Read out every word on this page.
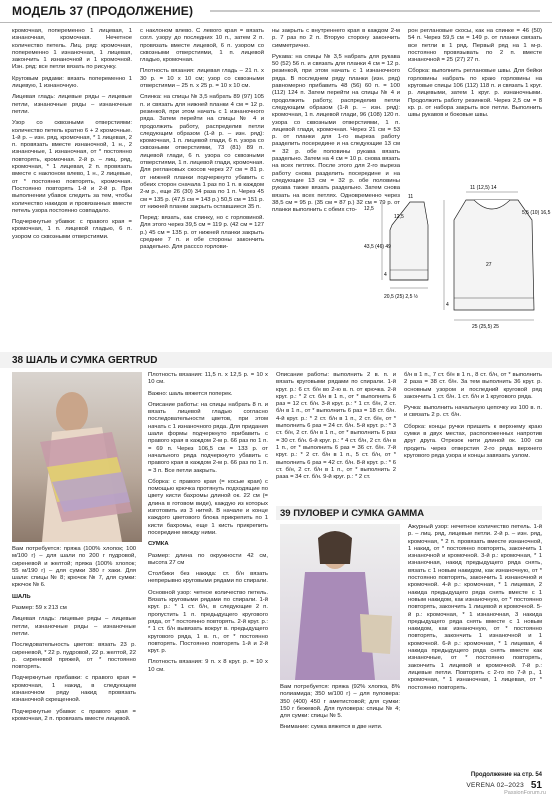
МОДЕЛЬ 37 (ПРОДОЛЖЕНИЕ)

кромочная, попеременно 1 лицевая, 1 изнаночная, кромочная. Нечетное количество петель. Лиц. ряд: кромочная, попеременно 1 изнаночная, 1 лицевая, закончить 1 изнаночной и 1 кромочной. Изн. ряд: все петли вязать по рисунку.

Круговым рядами: вязать попеременно 1 лицевую, 1 изнаночную.

Лицевая гладь: лицевые ряды – лицевые петли, изнаночные ряды – изнаночные петли.

Узор со сквозными отверстиями: количество петель кратно 6 + 2 кромочные. 1-й р. – изн. ряд, кромочная, * 1 лицевая, 2 п. провязать вместе изнаночной, 1 н., 2 изнаночные, 1 изнаночная, от * постоянно повторять, кромочная. 2-й р. – лиц. ряд, кромочная, * 1 лицевая, 2 п. провязать вместе с наклоном влево, 1 н., 2 лицевые, от * постоянно повторять, кромочная. Постоянно повторять 1-й и 2-й р. При выполнении убавок следить за тем, чтобы количество накидов и провязанных вместе петель узора постоянно совпадало.

Подчеркнутые убавки: с правого края = кромочная, 1 п. лицевой гладью, 6 п. узором со сквозными отверстиями.

с наклоном влево. С левого края = вязать согл. узору до последних 10 п., затем 2 п. провязать вместе лицевой, 6 п. узором со сквозными отверстиями, 1 п. лицевой гладью, кромочная.

Плотность вязания: лицевая гладь – 21 п. х 30 р. = 10 х 10 см; узор со сквозными отверстиями – 25 п. х 25 р. = 10 х 10 см.

Спинка: на спицы № 3,5 набрать 89 (97) 105 п. и связать для нижней планки 4 см = 12 р. резинкой, при этом начать с 1 изнаночного ряда. Затем перейти на спицы № 4 и продолжить работу, распределив петли следующим образом (1-й р. – изн. ряд): кромочная, 1 п. лицевой глади, 6 п. узора со сквозными отверстиями, 73 (81) 89 п. лицевой глади, 6 п. узора со сквозными отверстиями, 1 п. лицевой глади, кромочная. Для реглановых скосов через 27 см = 81 р. от нижней планки подчеркнуто убавить с обеих сторон сначала 1 раз по 1 п. в каждом 2-м р., еще 26 (30) 34 раза по 1 п. Через 45 см = 135 р. (47,5 см = 143 р.) 50,5 см = 151 р. от нижней планки закрыть оставшиеся 35 п.

Перед: вязать, как спинку, но с горловиной. Для этого через 39,5 см = 119 р. (42 см = 127 р.) 45 см = 135 р. от нижней планки закрыть средние 7 п. и обе стороны закончить раздельно. Для расссо горлови-

ны закрыть с внутреннего края в каждом 2-м р. 7 раз по 2 п. Вторую сторону закончить симметрично.

Рукава: на спицы № 3,5 набрать для рукава 50 (52) 56 п. и связать для планки 4 см = 12 р. резинкой, при этом начать с 1 изнаночного ряда. В последнем ряду планки (изн. ряд) равномерно прибавить 48 (56) 60 п. = 100 (112) 124 п. Затем перейти на спицы № 4 и продолжить работу, распределив петли следующим образом (1-й р. – изн. ряд): кромочная, 1 п. лицевой глади, 96 (108) 120 п. узора со сквозными отверстиями, 1 п. лицевой глади, кромочная. Через 21 см = 53 р. от планки для 1-го выреза работу разделить посередине и на следующие 13 см = 32 р. обе половины рукава вязать раздельно. Затем на 4 см = 10 р. снова вязать на всех петлях. После этого для 2-го выреза работу снова разделить посередине и на следующие 13 см = 32 р. обе половины рукава также вязать раздельно. Затем снова вязать на всех петлях. Одновременно через 38,5 см = 95 р. (35 см = 87 р.) 32 см = 79 р. от планки выполнить с обеих сто-

рон реглановые скосы, как на спинке = 46 (50) 54 п. Через 59,5 см = 149 р. от планки связать все петли в 1 ряд. Первый ряд на 1 м-р. постоянно провязывать по 2 п. вместе изнаночной = 25 (27) 27 п.

Сборка: выполнить реглановые швы. Для бейки горловины набрать по краю горловины на круговые спицы 106 (112) 118 п. и связать 1 круг. р. лицевыми, затем 1 круг. р. изнаночными. Продолжить работу резинкой. Через 2,5 см = 8 кр. р. от набора закрыть все петли. Выполнить швы рукавов и боковые швы.

11
12,5
12,5
43,5 (46) 49
4
20,5 (25) 2,5 ½
11 (12,5) 14
5,5 (10) 16,5
27
4
25 (25,5) 25
38 ШАЛЬ И СУМКА GERTRUD

Вам потребуется: пряжа (100% хлопок; 100 м/100 г) – для шали по 200 г пудровой, сиреневой и желтой; пряжа (100% хлопок; 55 м/190 г) – для сумки 380 г хаки. Для шали: спицы № 8; крючок № 7, для сумки: крючок № 6.

ШАЛЬ

Размер: 59 х 213 см

Лицевая гладь: лицевые ряды – лицевые петли, изнаночные ряды – изнаночные петли.

Последовательность цветов: вязать 23 р. сиреневой, * 22 р. пудровой, 22 р. желтой, 22 р. сиреневой пряжей, от * постоянно повторять.

Подчеркнутые прибавки: с правого края = кромочная, 1 накид, в следующем изнаночном ряду накид провязать изнаночной скрещенной.

Подчеркнутые убавки: с правого края = кромочная, 2 п. провязать вместе лицевой.

Плотность вязания: 11,5 п. х 12,5 р. = 10 х 10 см.

Важно: шаль вяжется поперек.

Описание работы: на спицы набрать 8 п. и вязать лицевой гладью согласно последовательности цветов, при этом начать с 1 изнаночного ряда. Для придания шали формы подчеркнуто прибавить с правого края в каждом 2-м р. 66 раз по 1 п. = 69 п. Через 106,5 см = 133 р. от начальногo ряда подчеркнуто убавить с правого края в каждом 2-м р. 66 раз по 1 п. = 3 п. Все петли закрыть.

Сборка: с правого края (= косые края) с помощью крючка протянуть подходящие по цвету кисти бахромы длиной ок. 22 см (= длина в готовом виде), каждую из которых изготовить из 3 нитей. В начале и конце каждого цветового блока прикрепить по 1 кисти бахромы, еще 1 кисть прикрепить посередине между ними.

СУМКА

Размер: длина по окружности 42 см, высота 27 см

Столбики без накида: ст. б/н вязать непрерывно круговыми рядами по спирали.

Основной узор: четное количество петель. Вязать круговыми рядами по спирали. 1-й круг. р.: * 1 ст. б/н, в следующие 2 п. пропустить 1 п. предыдущего кругового ряда, от * постоянно повторять. 2-й круг. р.: * 1 ст. б/н вывязать вокруг в. предыдущего кругового ряда, 1 в. п., от * постоянно повторять. Постоянно повторять 1-й и 2-й круг. р.

Плотность вязания: 9 п. х 8 круг. р. = 10 х 10 см.

Описание работы: выполнить 2 в. п. и вязать круговыми рядами по спирали. 1-й круг. р.: 6 ст. б/н во 2-ю в. п. от крючка. 2-й круг. р.: * 2 ст. б/н в 1 п., от * выполнить 6 раз = 12 ст. б/н. 3-й круг. р.: * 1 ст. б/н, 2 ст. б/н в 1 п., от * выполнить 6 раз = 18 ст. б/н. 4-й круг. р.: * 2 ст. б/н в 1 п., 2 ст. б/н, от * выполнить 6 раз = 24 ст. б/н. 5-й круг. р.: * 3 ст. б/н, 2 ст. б/н в 1 п., от * выполнить 6 раз = 30 ст. б/н. 6-й круг. р.: * 4 ст. б/н, 2 ст. б/н в 1 п., от * выполнить 6 раз = 36 ст. б/н. 7-й круг. р.: * 2 ст. б/н в 1 п., 5 ст. б/н, от * выполнить 6 раз = 42 ст. б/н. 8-й круг. р.: * 6 ст. б/н, 2 ст. б/н в 1 п., от * выполнить 2 раза = 34 ст. б/н. 9-й круг. р.: * 2 ст.

б/н в 1 п., 7 ст. б/н в 1 п., 8 ст. б/н, от * выполнить 2 раза = 38 ст. б/н. За тем выполнить 36 круг. р. основным узором и последний круговой ряд закончить 1 ст. б/н. 1 ст. б/н и 1 кругового ряда.

Ручка: выполнить начальную цепочку из 100 в. п. и связать 2 р. ст. б/н.

Сборка: концы ручки пришить к верхнему краю сумки в двух местах, расположенных напротив друг друга. Отрезок нити длиной ок. 100 см продеть через отверстия 2-го ряда верхнего кругового ряда узора и концы завязать узлом.

39 ПУЛОВЕР И СУМКА GAMMA

Вам потребуется: пряжа (92% хлопка, 8% полиамида; 350 м/100 г) – для пуловера: 350 (400) 450 г аметистовой; для сумки: 150 г бежевой. Для пуловера: спицы № 4; для сумки: спицы № 5.

Внимание: сумка вяжется в две нити.

Ажурный узор: нечетное количество петель. 1-й р. – лиц. ряд, лицевые петли. 2-й р. – изн. ряд, кромочная, * 2 п. провязать вместе изнаночной, 1 накид, от * постоянно повторять, закончить 1 изнаночной и кромочной. 3-й р.: кромочная, * 1 изнаночная, накид предыдущего ряда снять, вязать с 1 новым накидом, как изнаночную, от * постоянно повторять, закончить 1 изнаночной и кромочной. 4-й р.: кромочная, * 1 лицевая, 2 накида предыдущего ряда снять вместе с 1 новым накидом, как изнаночную, от * постоянно повторять, закончить 1 лицевой и кромочной. 5-й р.: кромочная, * 1 изнаночная, 3 накида предыдущего ряда снять вместе с 1 новым накидом, как изнаночную, от * постоянно повторять, закончить 1 изнаночной и 1 кромочной. 6-й р.: кромочная, * 1 лицевая, 4 накида предыдущего ряда снять вместе как изнаночные, от * постоянно повторять, закончить 1 лицевой и кромочной. 7-й р.: лицевые петли. Повторять с 2-го по 7-й р., 1 кромочная, * 1 изнаночная, 1 лицевая, от * постоянно повторять.

Продолжение на стр. 54
VERENA 02–2023 51
PassionForum.ru
